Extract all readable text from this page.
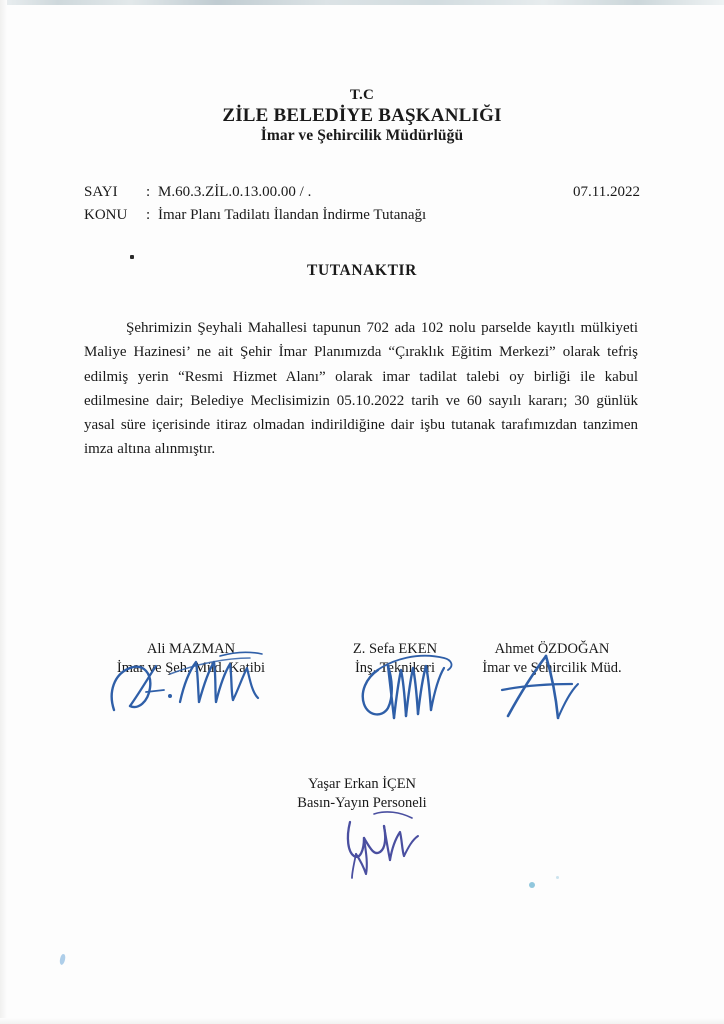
T.C
ZİLE BELEDİYE BAŞKANLIĞI
İmar ve Şehircilik Müdürlüğü
SAYI	: M.60.3.ZİL.0.13.00.00 / .	07.11.2022
KONU	: İmar Planı Tadilatı İlandan İndirme Tutanağı
TUTANAKTIR
Şehrimizin Şeyhali Mahallesi tapunun 702 ada 102 nolu parselde kayıtlı mülkiyeti Maliye Hazinesi’ ne ait Şehir İmar Planımızda “Çıraklık Eğitim Merkezi” olarak tefriş edilmiş yerin “Resmi Hizmet Alanı” olarak imar tadilat talebi oy birliği ile kabul edilmesine dair; Belediye Meclisimizin 05.10.2022 tarih ve 60 sayılı kararı; 30 günlük yasal süre içerisinde itiraz olmadan indirildiğine dair işbu tutanak tarafımızdan tanzimen imza altına alınmıştır.
Ali MAZMAN
İmar ve Şeh. Müd. Katibi
Z. Sefa EKEN
İnş. Teknikeri
Ahmet ÖZDOĞAN
İmar ve Şehircilik Müd.
Yaşar Erkan İÇEN
Basın-Yayın Personeli
